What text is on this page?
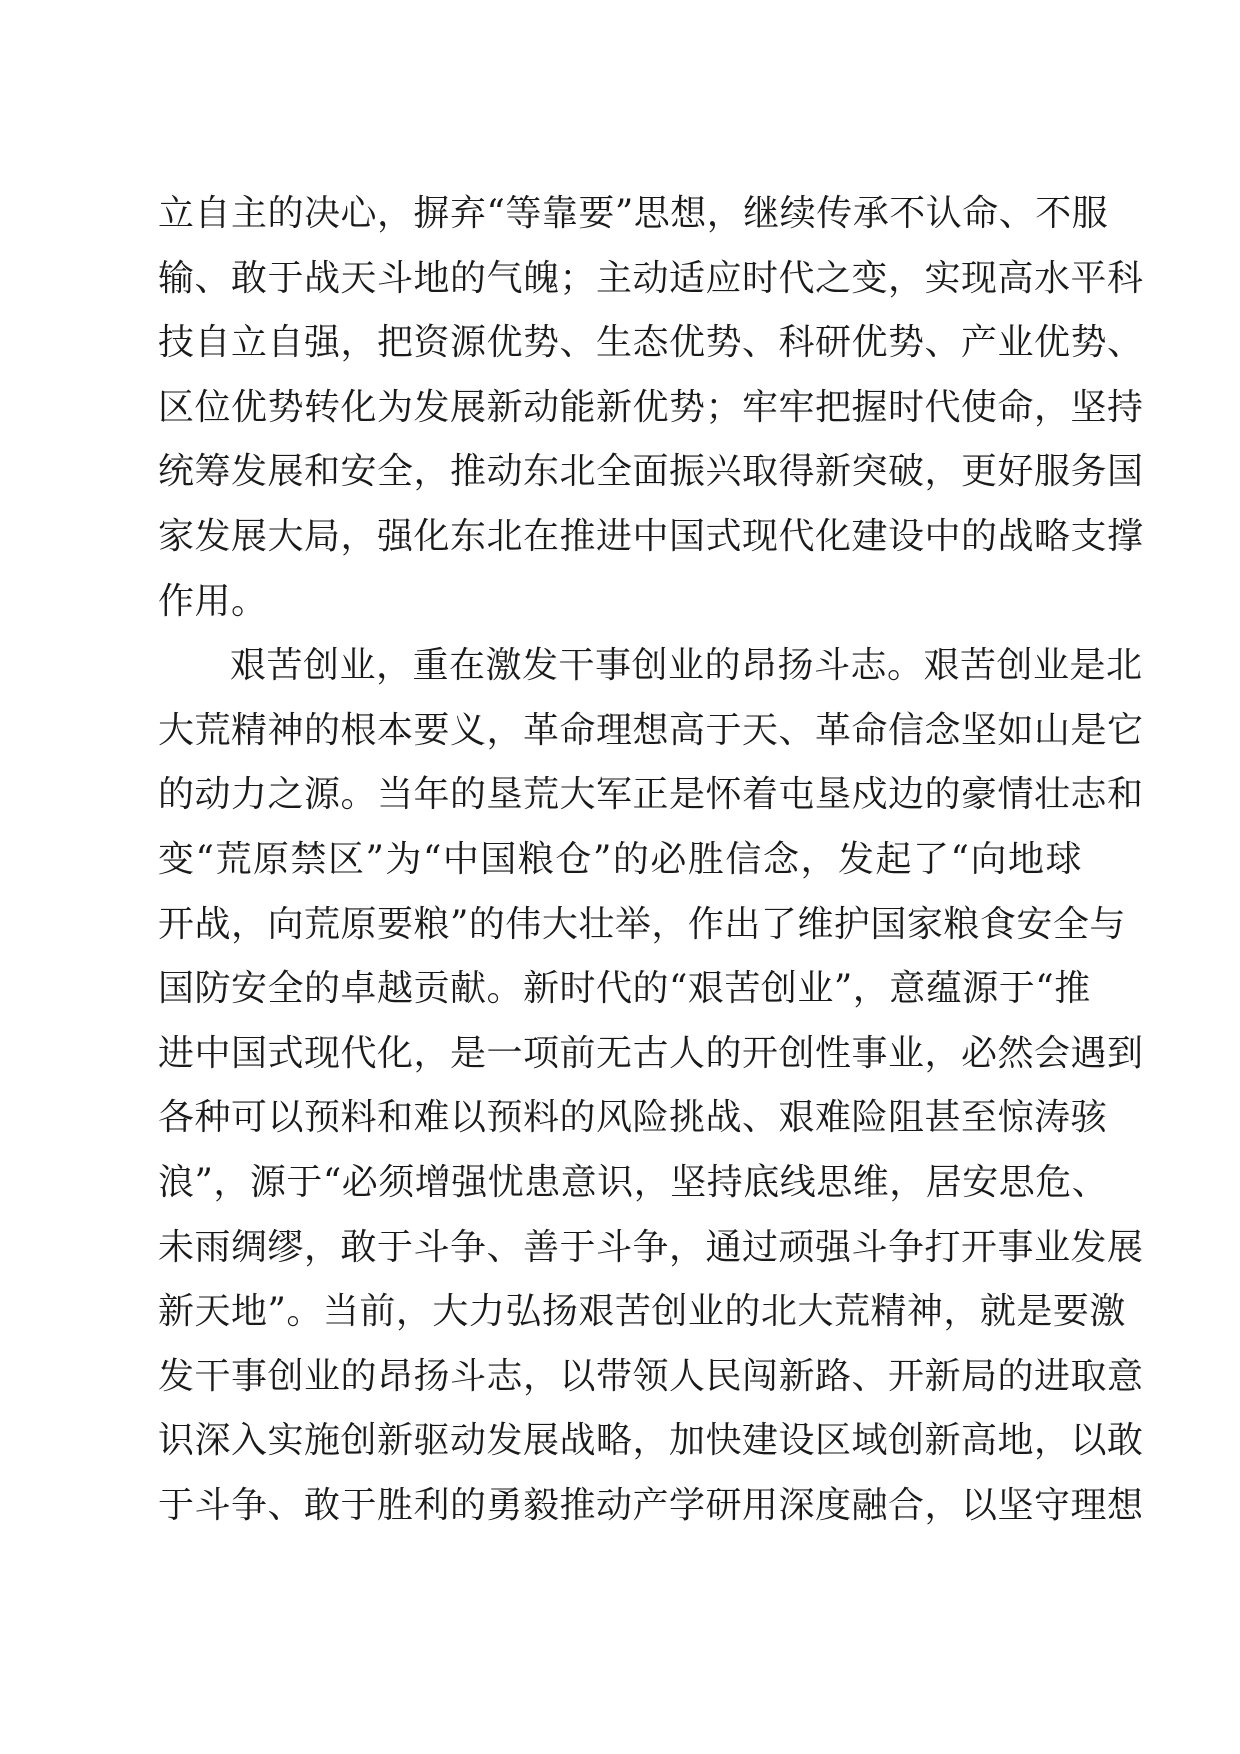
立自主的决心，摒弃“等靠要”思想，继续传承不认命、不服
输、敢于战天斗地的气魄；主动适应时代之变，实现高水平科
技自立自强，把资源优势、生态优势、科研优势、产业优势、
区位优势转化为发展新动能新优势；牢牢把握时代使命，坚持
统筹发展和安全，推动东北全面振兴取得新突破，更好服务国
家发展大局，强化东北在推进中国式现代化建设中的战略支撑
作用。
艰苦创业，重在激发干事创业的昂扬斗志。艰苦创业是北
大荒精神的根本要义，革命理想高于天、革命信念坚如山是它
的动力之源。当年的垦荒大军正是怀着屯垦戍边的豪情壮志和
变“荒原禁区”为“中国粮仓”的必胜信念，发起了“向地球
开战，向荒原要粮”的伟大壮举，作出了维护国家粮食安全与
国防安全的卓越贡献。新时代的“艰苦创业”，意蕴源于“推
进中国式现代化，是一项前无古人的开创性事业，必然会遇到
各种可以预料和难以预料的风险挑战、艰难险阻甚至惊涛骇
浪”，源于“必须增强忧患意识，坚持底线思维，居安思危、
未雨绸缪，敢于斗争、善于斗争，通过顽强斗争打开事业发展
新天地”。当前，大力弘扬艰苦创业的北大荒精神，就是要激
发干事创业的昂扬斗志，以带领人民闯新路、开新局的进取意
识深入实施创新驱动发展战略，加快建设区域创新高地，以敢
于斗争、敢于胜利的勇毅推动产学研用深度融合，以坚守理想
